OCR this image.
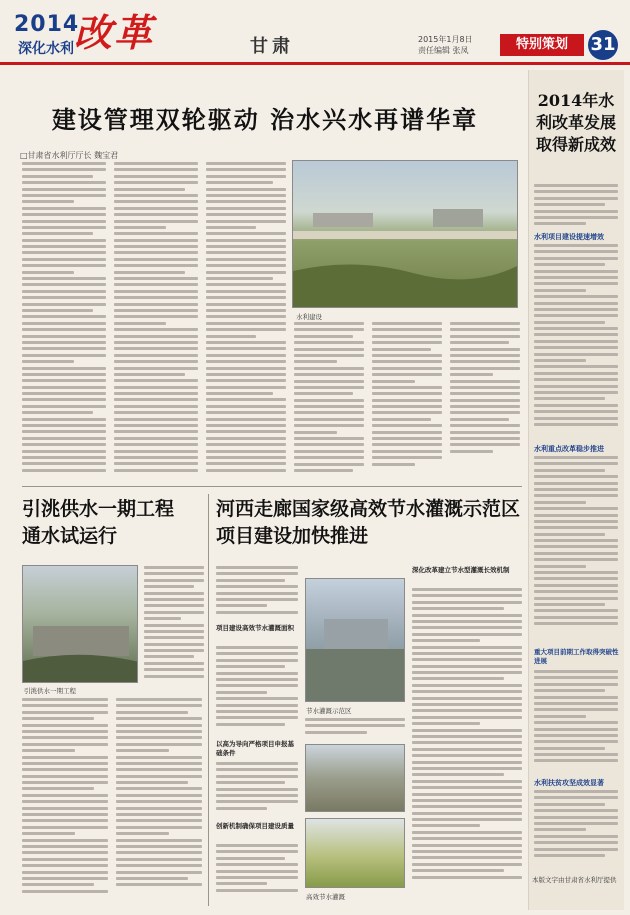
2014
改革
深化水利	甘肃	2015年1月8日
责任编辑 张凤	特别策划	31
建设管理双轮驱动 治水兴水再谱华章
□甘肃省水利厅厅长 魏宝君
水利建设
引洮供水一期工程通水试运行
引洮供水一期工程
河西走廊国家级高效节水灌溉示范区项目建设加快推进
项目建设高效节水灌溉面积
以高为导向严格项目申报基础条件
创新机制确保项目建设质量
节水灌溉示范区
高效节水灌溉
深化改革建立节水型灌溉长效机制
2014年水利改革发展取得新成效
水利项目建设提速增效
水利重点改革稳步推进
重大项目前期工作取得突破性进展
水利扶贫攻坚成效显著
本版文字由甘肃省水利厅提供
